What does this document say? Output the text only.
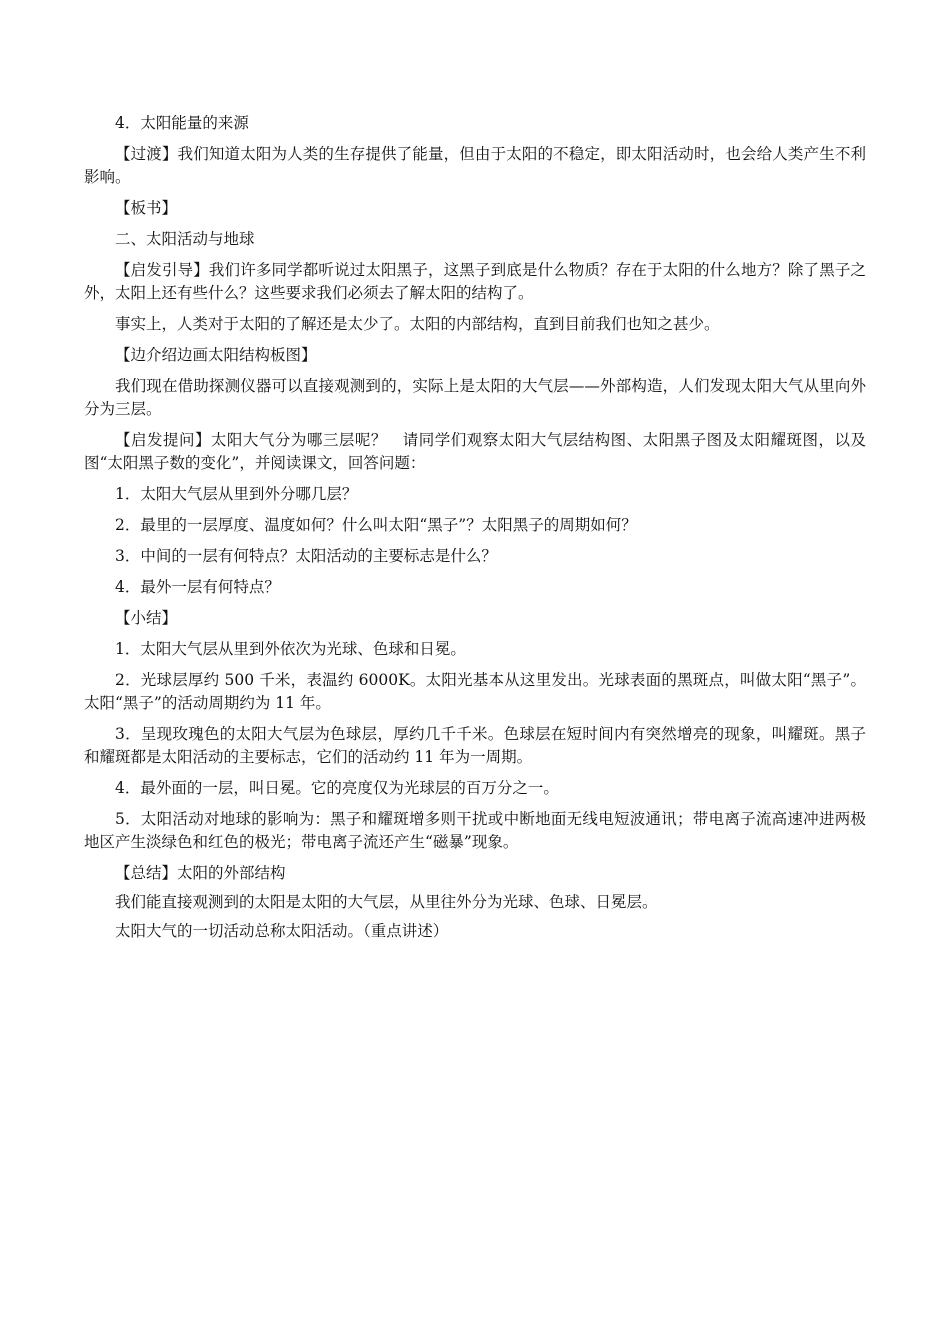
4．太阳能量的来源

【过渡】我们知道太阳为人类的生存提供了能量，但由于太阳的不稳定，即太阳活动时，也会给人类产生不利影响。

【板书】

二、太阳活动与地球

【启发引导】我们许多同学都听说过太阳黑子，这黑子到底是什么物质？存在于太阳的什么地方？除了黑子之外，太阳上还有些什么？这些要求我们必须去了解太阳的结构了。

事实上，人类对于太阳的了解还是太少了。太阳的内部结构，直到目前我们也知之甚少。

【边介绍边画太阳结构板图】

我们现在借助探测仪器可以直接观测到的，实际上是太阳的大气层——外部构造，人们发现太阳大气从里向外分为三层。

【启发提问】太阳大气分为哪三层呢？　请同学们观察太阳大气层结构图、太阳黑子图及太阳耀斑图，以及图“太阳黑子数的变化”，并阅读课文，回答问题：

1．太阳大气层从里到外分哪几层？

2．最里的一层厚度、温度如何？什么叫太阳“黑子”？太阳黑子的周期如何？

3．中间的一层有何特点？太阳活动的主要标志是什么？

4．最外一层有何特点？

【小结】

1．太阳大气层从里到外依次为光球、色球和日冕。

2．光球层厚约 500 千米，表温约 6000K。太阳光基本从这里发出。光球表面的黑斑点，叫做太阳“黑子”。太阳“黑子”的活动周期约为 11 年。

3．呈现玫瑰色的太阳大气层为色球层，厚约几千千米。色球层在短时间内有突然增亮的现象，叫耀斑。黑子和耀斑都是太阳活动的主要标志，它们的活动约 11 年为一周期。

4．最外面的一层，叫日冕。它的亮度仅为光球层的百万分之一。

5．太阳活动对地球的影响为：黑子和耀斑增多则干扰或中断地面无线电短波通讯；带电离子流高速冲进两极地区产生淡绿色和红色的极光；带电离子流还产生“磁暴”现象。

【总结】太阳的外部结构

我们能直接观测到的太阳是太阳的大气层，从里往外分为光球、色球、日冕层。

太阳大气的一切活动总称太阳活动。（重点讲述）
